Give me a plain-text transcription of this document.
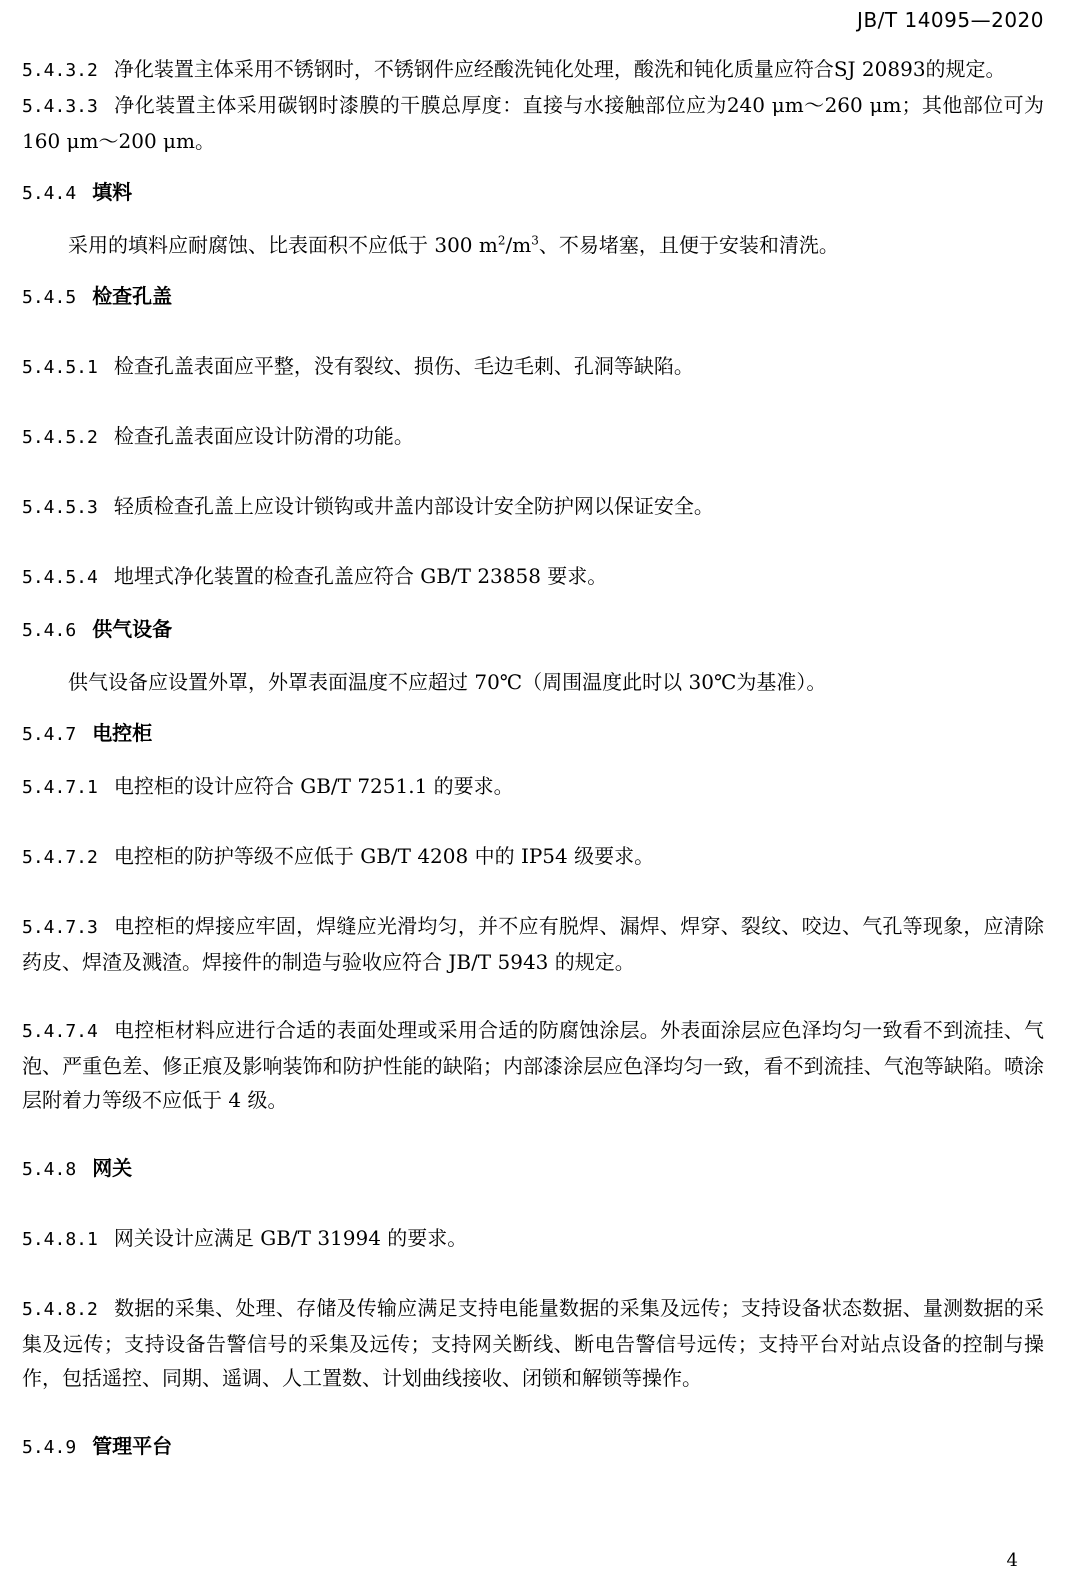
JB/T 14095—2020

5.4.3.2 净化装置主体采用不锈钢时，不锈钢件应经酸洗钝化处理，酸洗和钝化质量应符合SJ 20893的规定。

5.4.3.3 净化装置主体采用碳钢时漆膜的干膜总厚度：直接与水接触部位应为240 μm～260 μm；其他部位可为160 μm～200 μm。

5.4.4 填料

采用的填料应耐腐蚀、比表面积不应低于 300 $m^2/m^3$、不易堵塞，且便于安装和清洗。

5.4.5 检查孔盖

5.4.5.1 检查孔盖表面应平整，没有裂纹、损伤、毛边毛刺、孔洞等缺陷。

5.4.5.2 检查孔盖表面应设计防滑的功能。

5.4.5.3 轻质检查孔盖上应设计锁钩或井盖内部设计安全防护网以保证安全。

5.4.5.4 地埋式净化装置的检查孔盖应符合 GB/T 23858 要求。

5.4.6 供气设备

供气设备应设置外罩，外罩表面温度不应超过 70℃（周围温度此时以 30℃为基准）。

5.4.7 电控柜

5.4.7.1 电控柜的设计应符合 GB/T 7251.1 的要求。

5.4.7.2 电控柜的防护等级不应低于 GB/T 4208 中的 IP54 级要求。

5.4.7.3 电控柜的焊接应牢固，焊缝应光滑均匀，并不应有脱焊、漏焊、焊穿、裂纹、咬边、气孔等现象，应清除药皮、焊渣及溅渣。焊接件的制造与验收应符合 JB/T 5943 的规定。

5.4.7.4 电控柜材料应进行合适的表面处理或采用合适的防腐蚀涂层。外表面涂层应色泽均匀一致看不到流挂、气泡、严重色差、修正痕及影响装饰和防护性能的缺陷；内部漆涂层应色泽均匀一致，看不到流挂、气泡等缺陷。喷涂层附着力等级不应低于 4 级。

5.4.8 网关

5.4.8.1 网关设计应满足 GB/T 31994 的要求。

5.4.8.2 数据的采集、处理、存储及传输应满足支持电能量数据的采集及远传；支持设备状态数据、量测数据的采集及远传；支持设备告警信号的采集及远传；支持网关断线、断电告警信号远传；支持平台对站点设备的控制与操作，包括遥控、同期、遥调、人工置数、计划曲线接收、闭锁和解锁等操作。

5.4.9 管理平台

4
